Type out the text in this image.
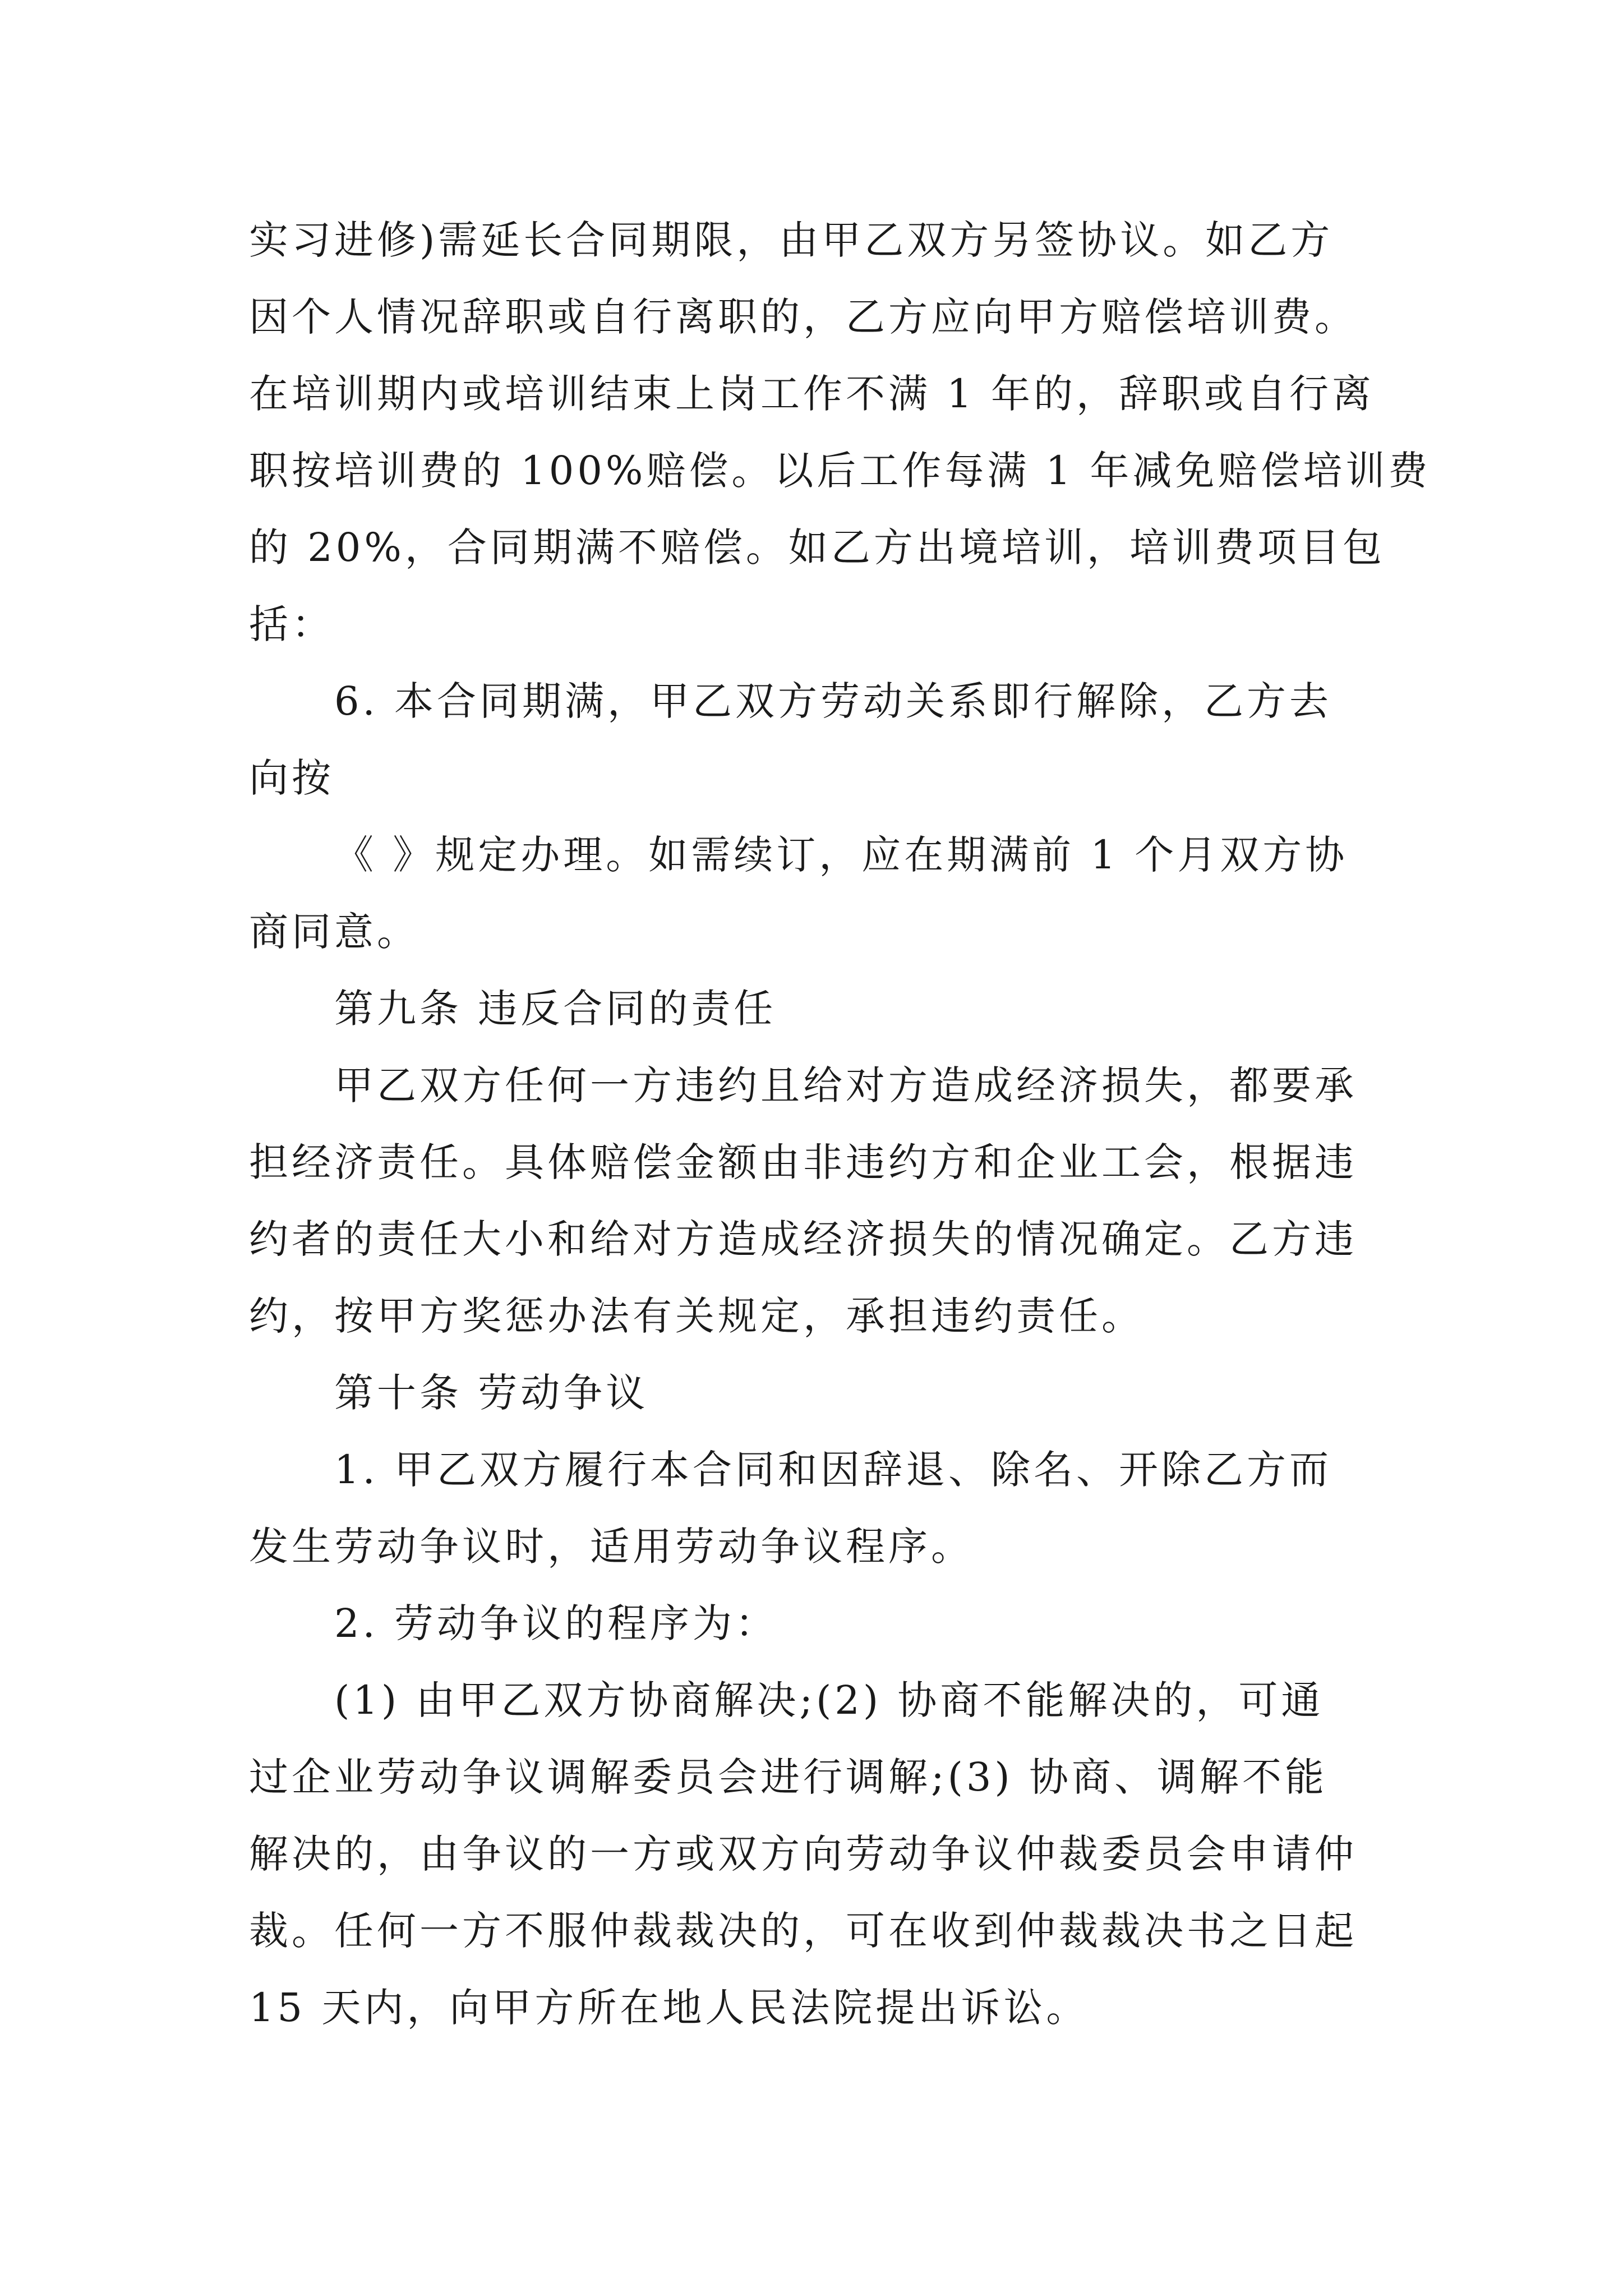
实习进修)需延长合同期限，由甲乙双方另签协议。如乙方
因个人情况辞职或自行离职的，乙方应向甲方赔偿培训费。
在培训期内或培训结束上岗工作不满 1 年的，辞职或自行离
职按培训费的 100%赔偿。以后工作每满 1 年减免赔偿培训费
的 20%，合同期满不赔偿。如乙方出境培训，培训费项目包
括：
6. 本合同期满，甲乙双方劳动关系即行解除，乙方去
向按
《 》规定办理。如需续订，应在期满前 1 个月双方协
商同意。
第九条 违反合同的责任
甲乙双方任何一方违约且给对方造成经济损失，都要承
担经济责任。具体赔偿金额由非违约方和企业工会，根据违
约者的责任大小和给对方造成经济损失的情况确定。乙方违
约，按甲方奖惩办法有关规定，承担违约责任。
第十条 劳动争议
1. 甲乙双方履行本合同和因辞退、除名、开除乙方而
发生劳动争议时，适用劳动争议程序。
2. 劳动争议的程序为：
(1) 由甲乙双方协商解决;(2) 协商不能解决的，可通
过企业劳动争议调解委员会进行调解;(3) 协商、调解不能
解决的，由争议的一方或双方向劳动争议仲裁委员会申请仲
裁。任何一方不服仲裁裁决的，可在收到仲裁裁决书之日起
15 天内，向甲方所在地人民法院提出诉讼。
